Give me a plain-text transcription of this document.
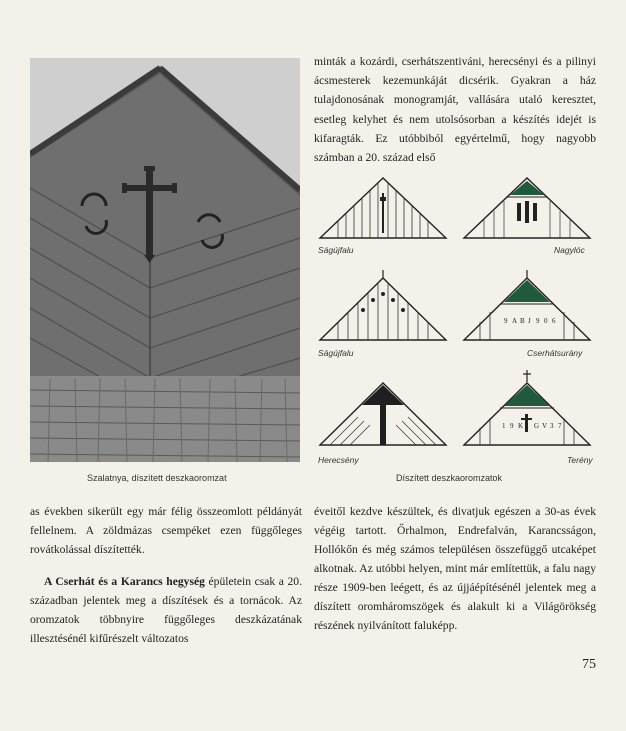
Szalatnya, díszített deszkaoromzat
minták a kozárdi, cserhátszentiváni, herecsényi és a pilinyi ácsmesterek kezemunkáját dicsérik. Gyakran a ház tulajdonosának monogramját, vallására utaló keresztet, esetleg kelyhet és nem utolsósorban a készítés idejét is kifaragták. Ez utóbbiból egyértelmű, hogy nagyobb számban a 20. század első
Ságújfalu	Nagylóc
Ságújfalu
9 A B J 9 0 6
Cserhátsurány
Herecsény
1 9 K G V 3 7
Terény
Díszített deszkaoromzatok

as években sikerült egy már félig összeomlott példányát fellelnem. A zöldmázas csempéket ezen függőleges rovátkolással díszítették.

A Cserhát és a Karancs hegység épületein csak a 20. században jelentek meg a díszítések és a tornácok. Az oromzatok többnyire függőleges deszkázatának illesztésénél kifűrészelt változatos

éveitől kezdve készültek, és divatjuk egészen a 30-as évek végéig tartott. Őrhalmon, Endrefalván, Karancsságon, Hollókőn és még számos településen összefüggő utcaképet alkotnak. Az utóbbi helyen, mint már említettük, a falu nagy része 1909-ben leégett, és az újjáépítésénél jelentek meg a díszített oromháromszögek és alakult ki a Világörökség részének nyilvánított faluképp.

75
